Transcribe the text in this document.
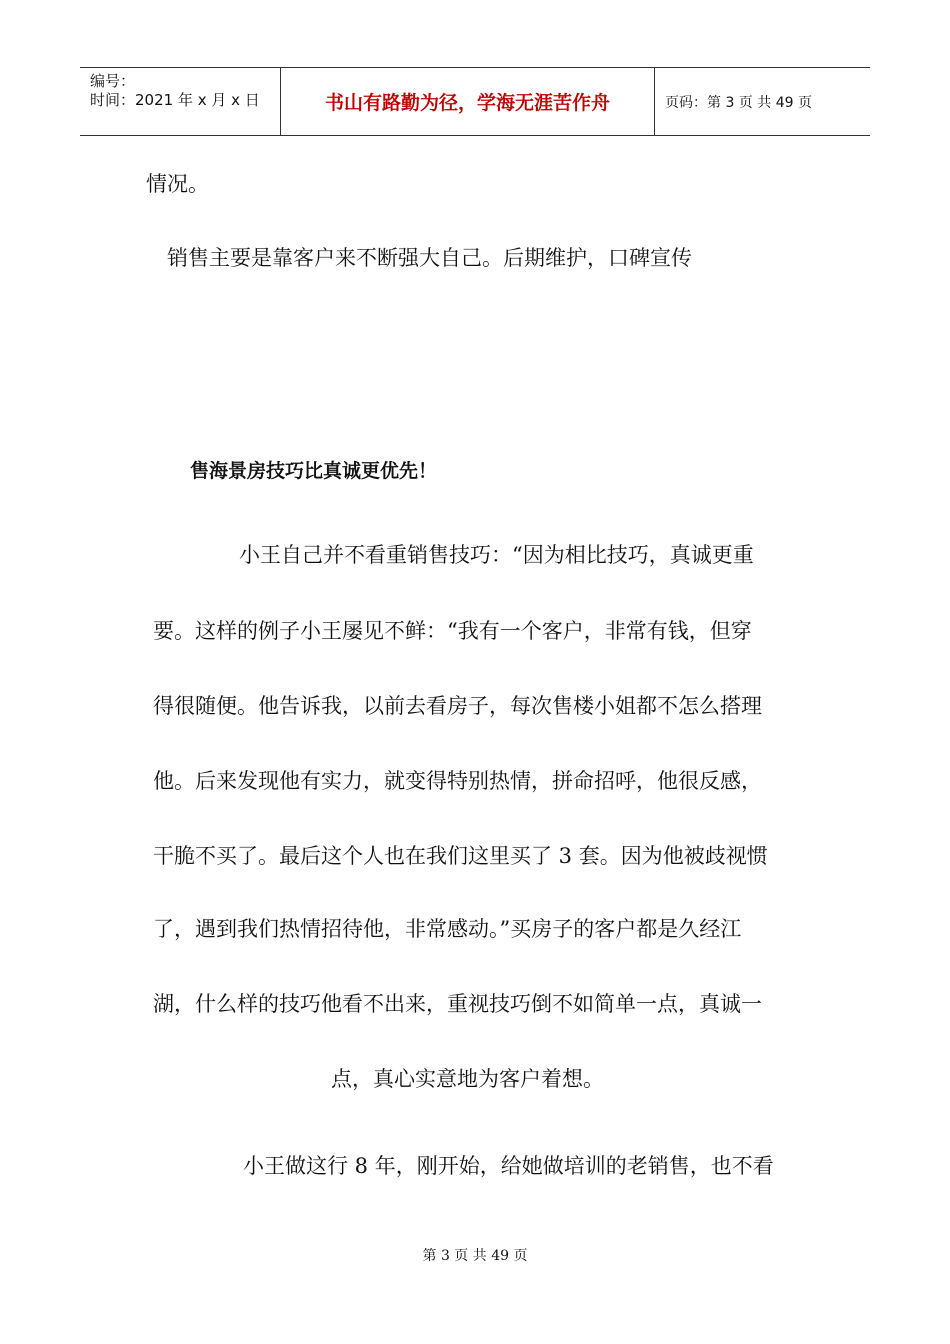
编号：
时间：2021 年 x 月 x 日	书山有路勤为径，学海无涯苦作舟	页码：第 3 页 共 49 页
情况。
销售主要是靠客户来不断强大自己。后期维护，口碑宣传
售海景房技巧比真诚更优先！
小王自己并不看重销售技巧：“因为相比技巧，真诚更重
要。这样的例子小王屡见不鲜：“我有一个客户，非常有钱，但穿
得很随便。他告诉我，以前去看房子，每次售楼小姐都不怎么搭理
他。后来发现他有实力，就变得特别热情，拼命招呼，他很反感，
干脆不买了。最后这个人也在我们这里买了 3 套。因为他被歧视惯
了，遇到我们热情招待他，非常感动。”买房子的客户都是久经江
湖，什么样的技巧他看不出来，重视技巧倒不如简单一点，真诚一
点，真心实意地为客户着想。
小王做这行 8 年，刚开始，给她做培训的老销售，也不看
第 3 页 共 49 页
